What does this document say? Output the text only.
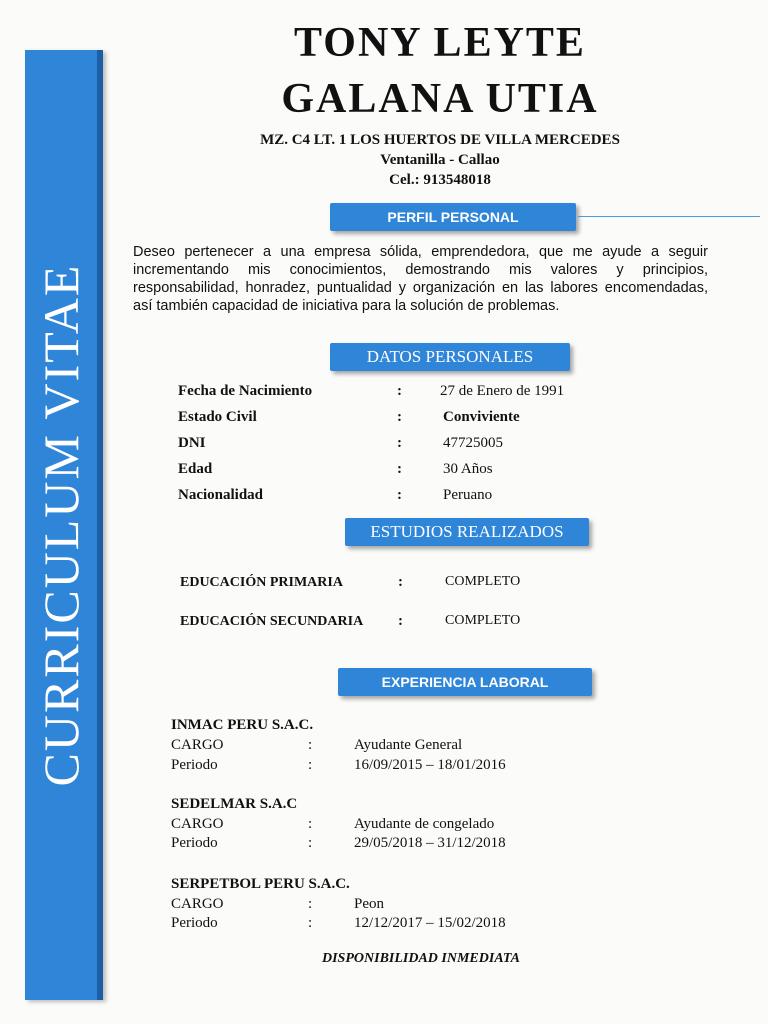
CURRICULUM VITAE
TONY LEYTE
GALANA UTIA
MZ. C4 LT. 1 LOS HUERTOS DE VILLA MERCEDES
Ventanilla - Callao
Cel.: 913548018
PERFIL PERSONAL
Deseo pertenecer a una empresa sólida, emprendedora, que me ayude a seguir incrementando mis conocimientos, demostrando mis valores y principios, responsabilidad, honradez, puntualidad y organización en las labores encomendadas, así también capacidad de iniciativa para la solución de problemas.
DATOS PERSONALES
Fecha de Nacimiento	:	27 de Enero de 1991
Estado Civil	:	Conviviente
DNI	:	47725005
Edad	:	30 Años
Nacionalidad	:	Peruano
ESTUDIOS REALIZADOS
EDUCACIÓN PRIMARIA	:	COMPLETO
EDUCACIÓN SECUNDARIA :	COMPLETO
EXPERIENCIA LABORAL
INMAC PERU S.A.C.
CARGO	:	Ayudante General
Periodo	:	16/09/2015 – 18/01/2016
SEDELMAR S.A.C
CARGO	:	Ayudante de congelado
Periodo	:	29/05/2018 – 31/12/2018
SERPETBOL PERU S.A.C.
CARGO	:	Peon
Periodo	:	12/12/2017 – 15/02/2018
DISPONIBILIDAD INMEDIATA
